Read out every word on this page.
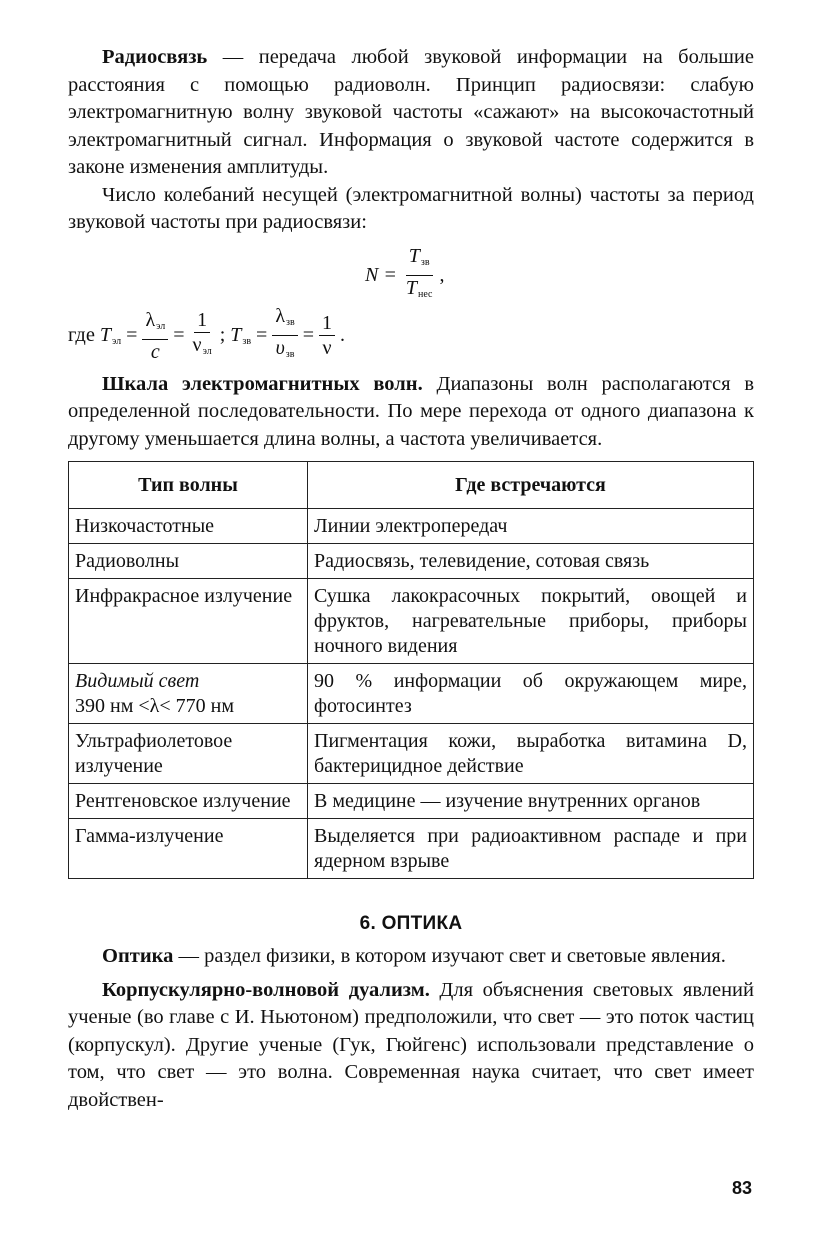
Радиосвязь — передача любой звуковой информации на большие расстояния с помощью радиоволн. Принцип радиосвязи: слабую электромагнитную волну звуковой частоты «сажают» на высокочастотный электромагнитный сигнал. Информация о звуковой частоте содержится в законе изменения амплитуды.

Число колебаний несущей (электромагнитной волны) частоты за период звуковой частоты при радиосвязи:

$N = \frac{T_{зв}}{T_{нес}}$ ,
где $T_{эл} = \frac{\lambda_{эл}}{c} = \frac{1}{\nu_{эл}}$ ; $T_{зв} = \frac{\lambda_{зв}}{\upsilon_{зв}} = \frac{1}{\nu}$ .

Шкала электромагнитных волн. Диапазоны волн располагаются в определенной последовательности. По мере перехода от одного диапазона к другому уменьшается длина волны, а частота увеличивается.

Тип волны	Где встречаются
Низкочастотные	Линии электропередач
Радиоволны	Радиосвязь, телевидение, сотовая связь
Инфракрасное излучение	Сушка лакокрасочных покрытий, овощей и фруктов, нагревательные приборы, приборы ночного видения

Видимый свет
390 нм <λ< 770 нм	90 % информации об окружающем мире, фотосинтез
Ультрафиолетовое излучение	Пигментация кожи, выработка витамина D, бактерицидное действие
Рентгеновское излучение	В медицине — изучение внутренних органов
Гамма-излучение	Выделяется при радиоактивном распаде и при ядерном взрыве
6. ОПТИКА

Оптика — раздел физики, в котором изучают свет и световые явления.

Корпускулярно-волновой дуализм. Для объяснения световых явлений ученые (во главе с И. Ньютоном) предположили, что свет — это поток частиц (корпускул). Другие ученые (Гук, Гюйгенс) использовали представление о том, что свет — это волна. Современная наука считает, что свет имеет двойствен-

83
